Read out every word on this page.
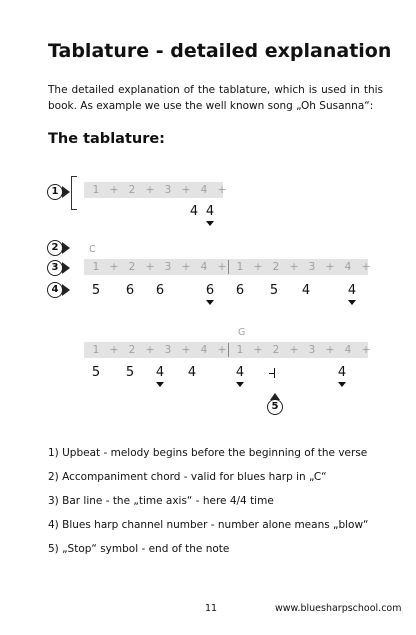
Tablature - detailed explanation
The detailed explanation of the tablature, which is used in this book. As example we use the well known song „Oh Susanna“:
The tablature:
1	1 + 2 + 3 + 4 +
4 4
2	C
3	1 + 2 + 3 + 4 + 1 + 2 + 3 + 4 +
4	5 6 6	6 6 5 4	4
G
1 + 2 + 3 + 4 + 1 + 2 + 3 + 4 +
5 5 4 4	4	4
5
1) Upbeat - melody begins before the beginning of the verse
2) Accompaniment chord - valid for blues harp in „C“
3) Bar line - the „time axis“ - here 4/4 time
4) Blues harp channel number - number alone means „blow“
5) „Stop“ symbol - end of the note
11	www.bluesharpschool.com
